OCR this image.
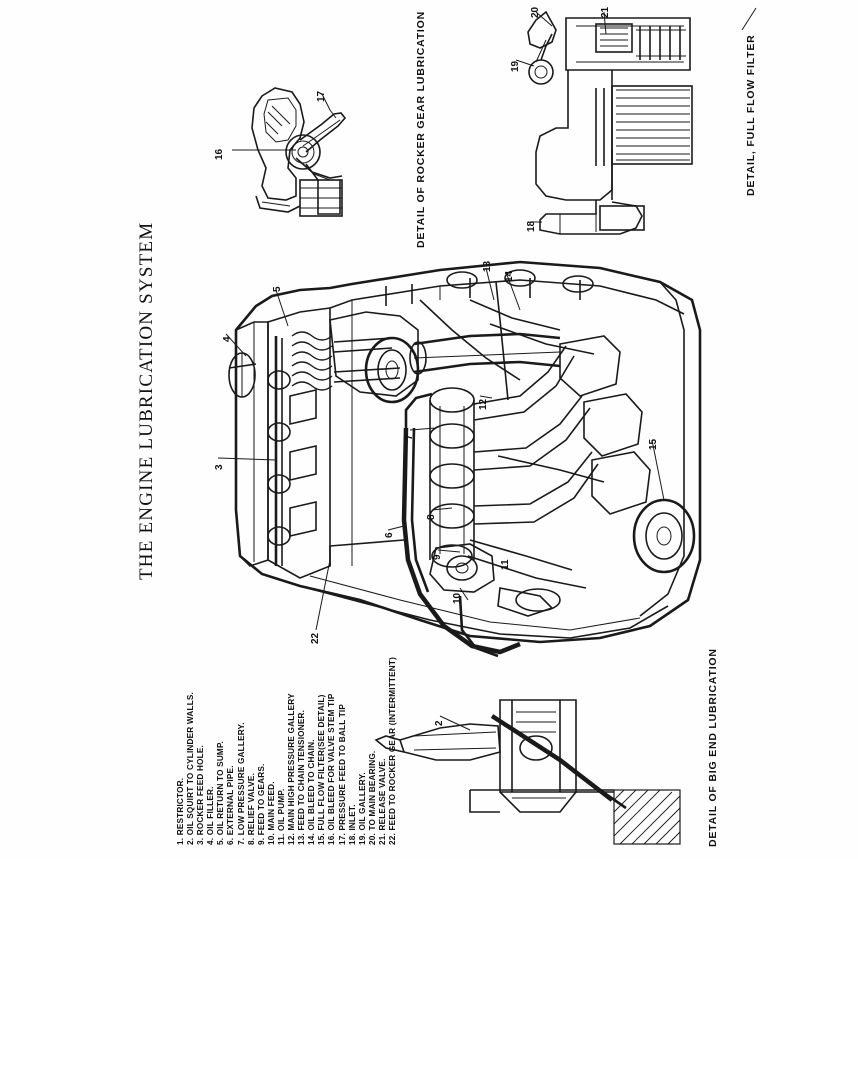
THE ENGINE LUBRICATION SYSTEM
1. RESTRICTOR. 2. OIL SQUIRT TO CYLINDER WALLS. 3. ROCKER FEED HOLE. 4. OIL FILLER. 5. OIL RETURN TO SUMP. 6. EXTERNAL PIPE. 7. LOW PRESSURE GALLERY. 8. RELIEF VALVE. 9. FEED TO GEARS. 10. MAIN FEED. 11. OIL PUMP. 12. MAIN HIGH PRESSURE GALLERY 13. FEED TO CHAIN TENSIONER. 14. OIL BLEED TO CHAIN. 15. FULL FLOW FILTER(SEE DETAIL) 16. OIL BLEED FOR VALVE STEM TIP 17. PRESSURE FEED TO BALL TIP 18. INLET. 19. OIL GALLERY. 20. TO MAIN BEARING. 21. RELEASE VALVE. 22. FEED TO ROCKER GEAR (INTERMITTENT)
DETAIL OF ROCKER GEAR LUBRICATION	DETAIL, FULL FLOW FILTER
DETAIL OF BIG END LUBRICATION
4
3
5
6
7
8
9
10
11
12
13
14
15
22
16
17
18
19
20	21
2
